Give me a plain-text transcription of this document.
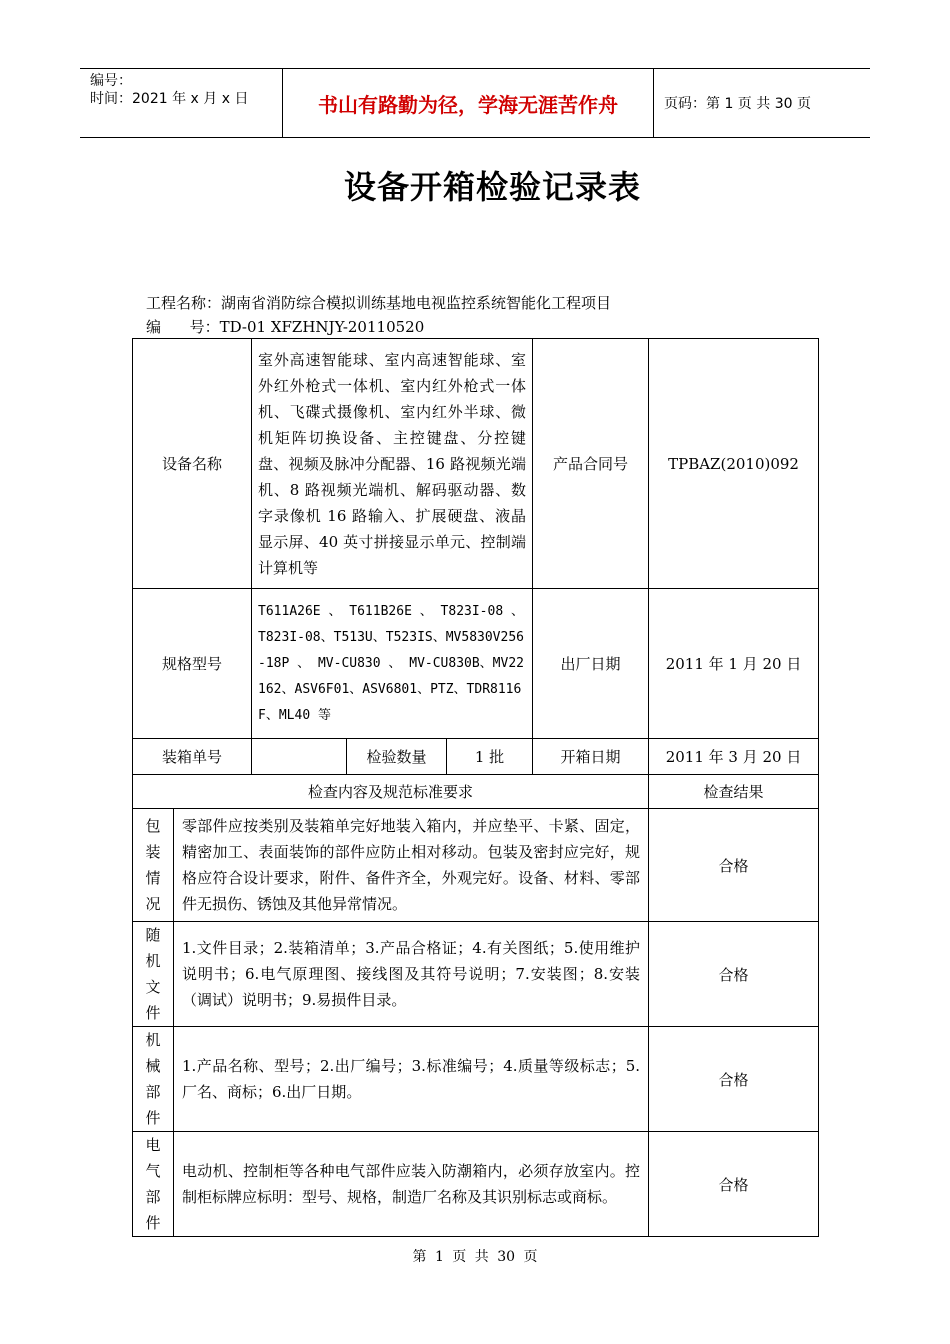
编号：
时间：2021 年 x 月 x 日	书山有路勤为径，学海无涯苦作舟	页码：第 1 页 共 30 页
设备开箱检验记录表
工程名称：湖南省消防综合模拟训练基地电视监控系统智能化工程项目
编      号：TD-01 XFZHNJY-20110520
设备名称		室外高速智能球、室内高速智能球、室外红外枪式一体机、室内红外枪式一体机、飞碟式摄像机、室内红外半球、微机矩阵切换设备、主控键盘、分控键盘、视频及脉冲分配器、16 路视频光端机、8 路视频光端机、解码驱动器、数字录像机 16 路输入、扩展硬盘、液晶显示屏、40 英寸拼接显示单元、控制端计算机等			产品合同号	TPBAZ(2010)092
规格型号		T611A26E 、 T611B26E 、 T823I-08 、 T823I-08、T513U、T523IS、MV5830V256-18P 、 MV-CU830 、 MV-CU830B、MV22162、ASV6F01、ASV6801、PTZ、TDR8116F、ML40 等			出厂日期	2011 年 1 月 20 日
装箱单号			检验数量	1 批	开箱日期	2011 年 3 月 20 日
检查内容及规范标准要求						检查结果

包装情况	零部件应按类别及装箱单完好地装入箱内，并应垫平、卡紧、固定，精密加工、表面装饰的部件应防止相对移动。包装及密封应完好，规格应符合设计要求，附件、备件齐全，外观完好。设备、材料、零部件无损伤、锈蚀及其他异常情况。					合格

随机文件	1.文件目录；2.装箱清单；3.产品合格证；4.有关图纸；5.使用维护说明书；6.电气原理图、接线图及其符号说明；7.安装图；8.安装（调试）说明书；9.易损件目录。					合格

机械部件	1.产品名称、型号；2.出厂编号；3.标准编号；4.质量等级标志；5.厂名、商标；6.出厂日期。					合格

电气部件	电动机、控制柜等各种电气部件应装入防潮箱内，必须存放室内。控制柜标牌应标明：型号、规格，制造厂名称及其识别标志或商标。					合格
第 1 页 共 30 页
